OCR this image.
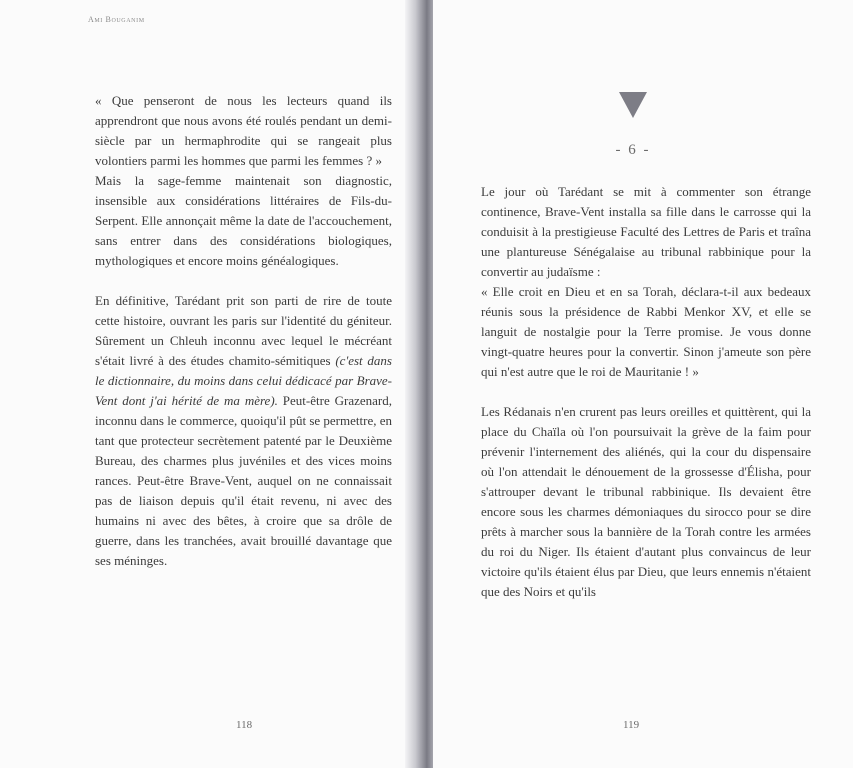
Ami Bouganim

« Que penseront de nous les lecteurs quand ils apprendront que nous avons été roulés pendant un demi-siècle par un hermaphrodite qui se rangeait plus volontiers parmi les hommes que parmi les femmes ? »

Mais la sage-femme maintenait son diagnostic, insensible aux considérations littéraires de Fils-du-Serpent. Elle annonçait même la date de l'accouchement, sans entrer dans des considérations biologiques, mythologiques et encore moins généalogiques.

En définitive, Tarédant prit son parti de rire de toute cette histoire, ouvrant les paris sur l'identité du géniteur. Sûrement un Chleuh inconnu avec lequel le mécréant s'était livré à des études chamito-sémitiques (c'est dans le dictionnaire, du moins dans celui dédicacé par Brave-Vent dont j'ai hérité de ma mère). Peut-être Grazenard, inconnu dans le commerce, quoiqu'il pût se permettre, en tant que protecteur secrètement patenté par le Deuxième Bureau, des charmes plus juvéniles et des vices moins rances. Peut-être Brave-Vent, auquel on ne connaissait pas de liaison depuis qu'il était revenu, ni avec des humains ni avec des bêtes, à croire que sa drôle de guerre, dans les tranchées, avait brouillé davantage que ses méninges.

118
- 6 -

Le jour où Tarédant se mit à commenter son étrange continence, Brave-Vent installa sa fille dans le carrosse qui la conduisit à la prestigieuse Faculté des Lettres de Paris et traîna une plantureuse Sénégalaise au tribunal rabbinique pour la convertir au judaïsme :

« Elle croit en Dieu et en sa Torah, déclara-t-il aux bedeaux réunis sous la présidence de Rabbi Menkor XV, et elle se languit de nostalgie pour la Terre promise. Je vous donne vingt-quatre heures pour la convertir. Sinon j'ameute son père qui n'est autre que le roi de Mauritanie ! »

Les Rédanais n'en crurent pas leurs oreilles et quittèrent, qui la place du Chaïla où l'on poursuivait la grève de la faim pour prévenir l'internement des aliénés, qui la cour du dispensaire où l'on attendait le dénouement de la grossesse d'Élisha, pour s'attrouper devant le tribunal rabbinique. Ils devaient être encore sous les charmes démoniaques du sirocco pour se dire prêts à marcher sous la bannière de la Torah contre les armées du roi du Niger. Ils étaient d'autant plus convaincus de leur victoire qu'ils étaient élus par Dieu, que leurs ennemis n'étaient que des Noirs et qu'ils

119
